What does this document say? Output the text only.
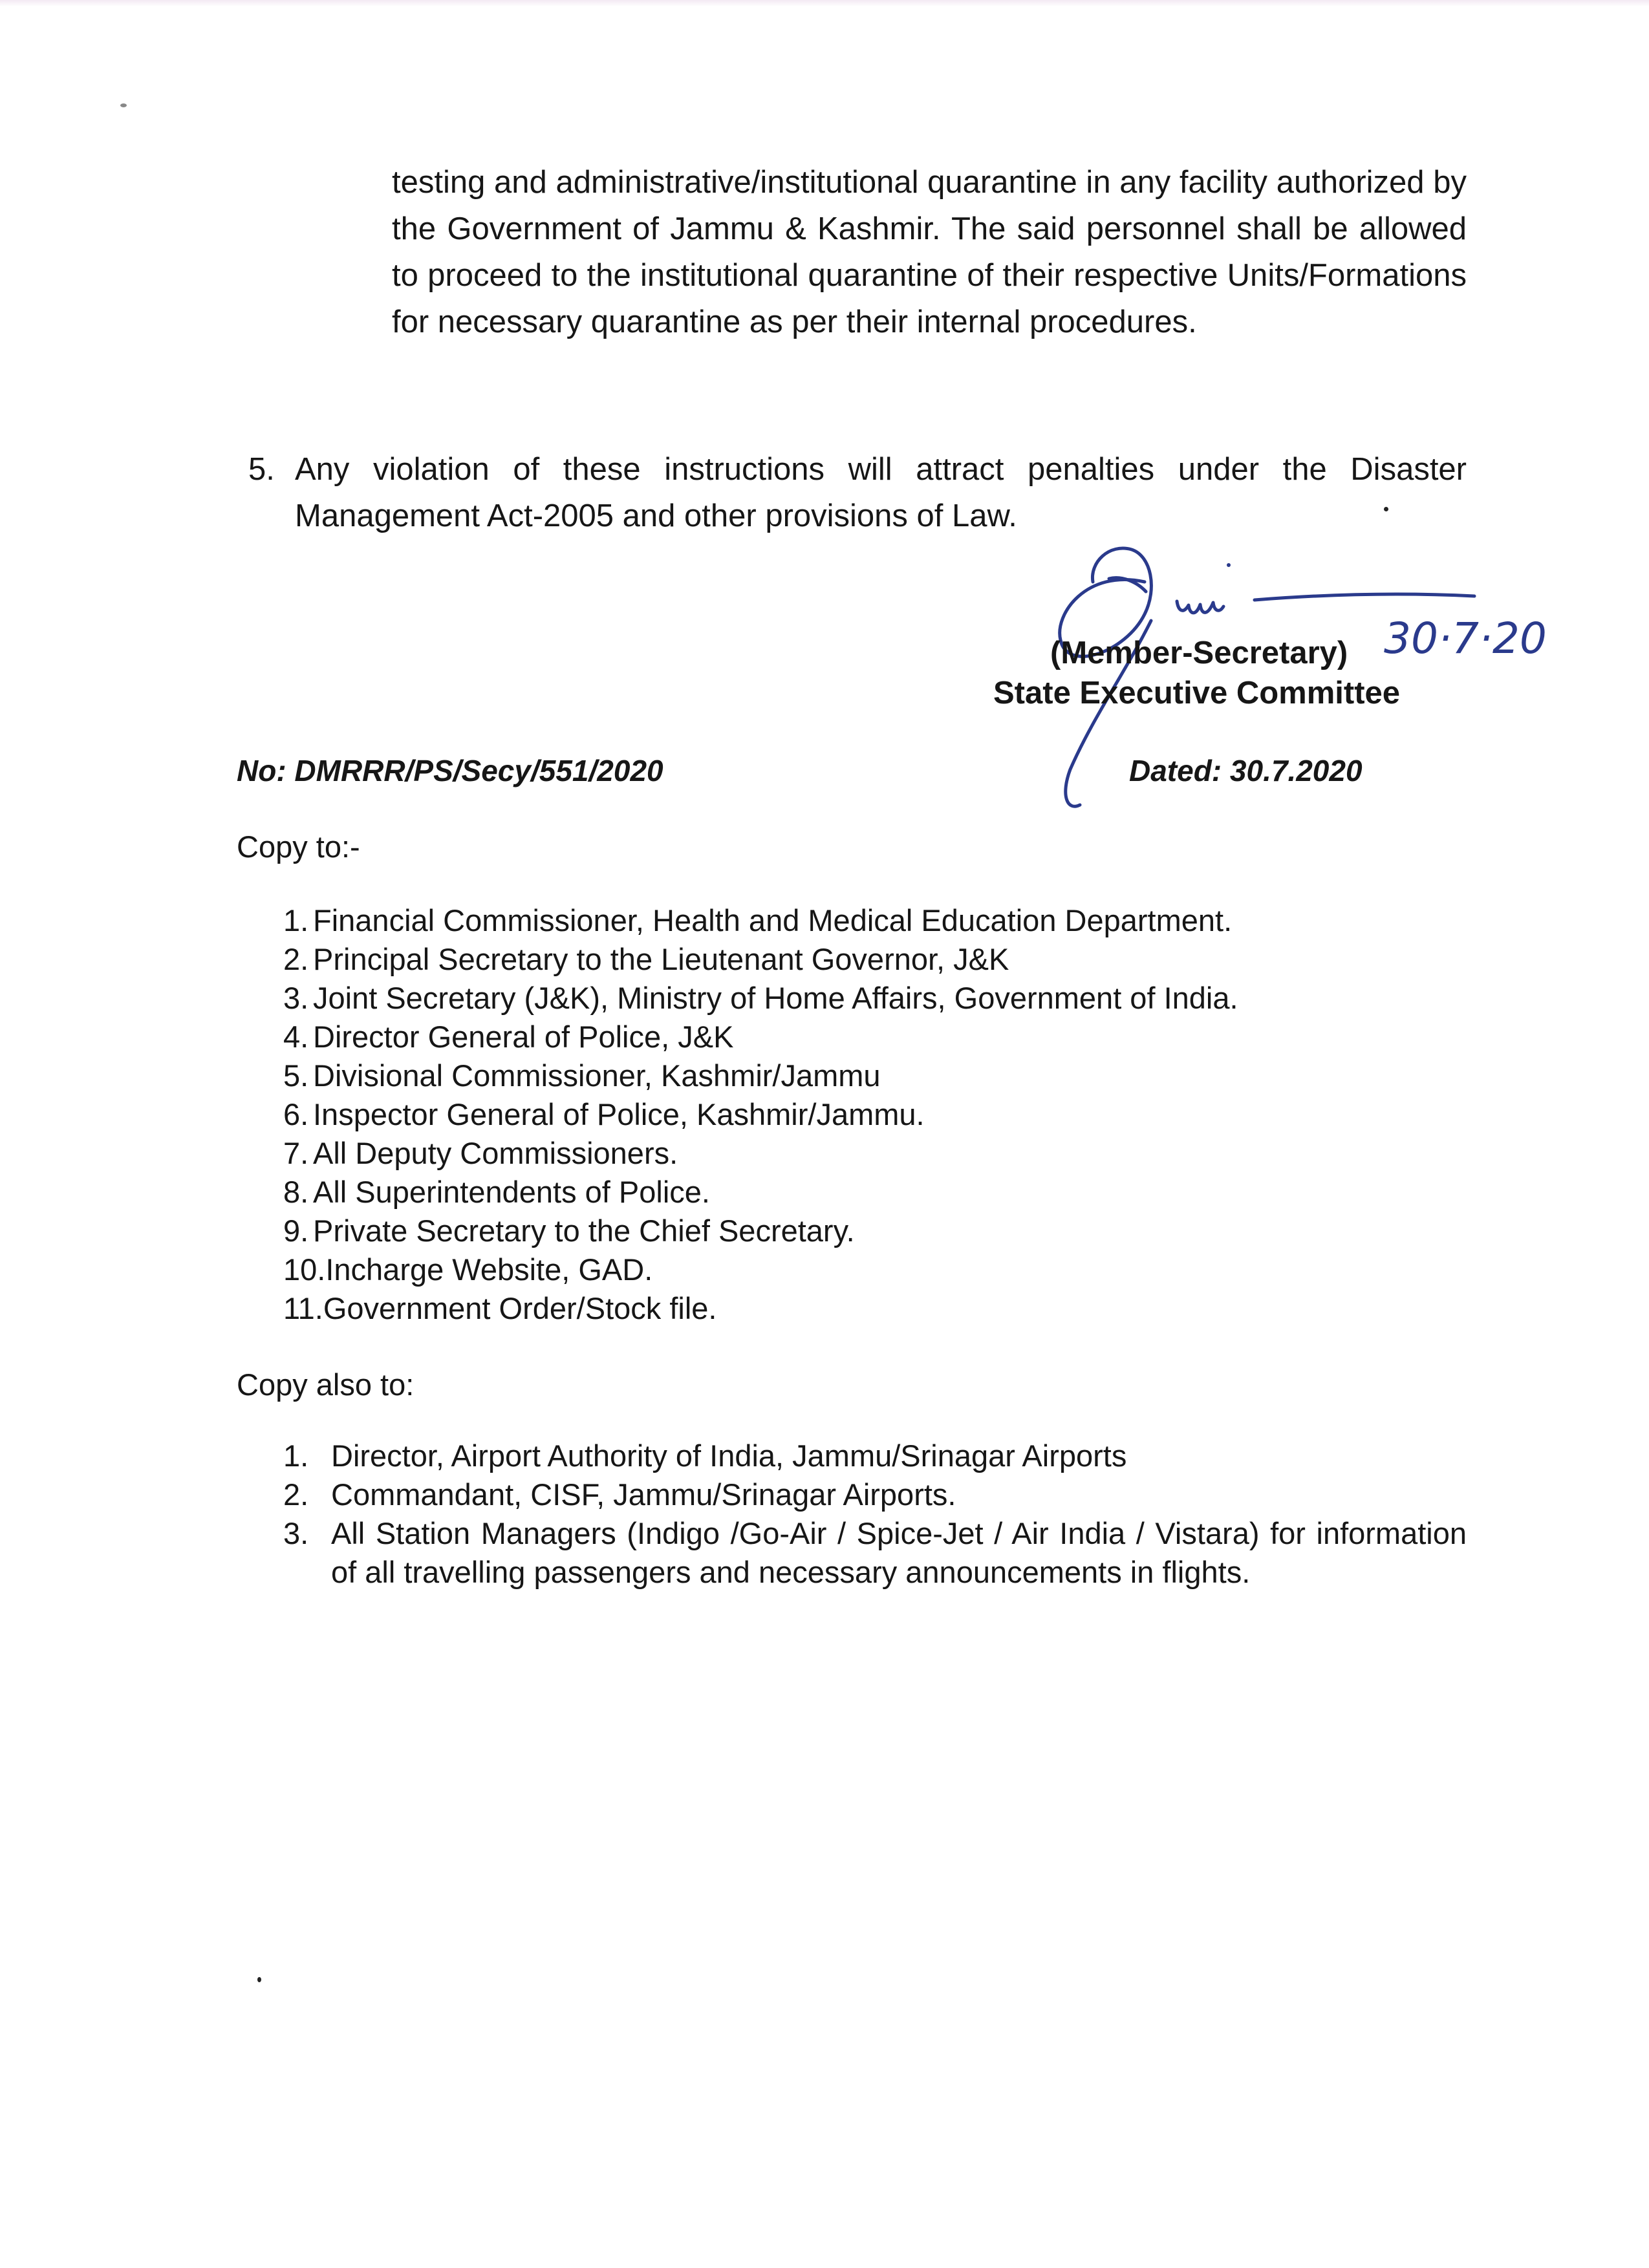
testing and administrative/institutional quarantine in any facility authorized by the Government of Jammu & Kashmir. The said personnel shall be allowed to proceed to the institutional quarantine of their respective Units/Formations for necessary quarantine as per their internal procedures.

5. Any violation of these instructions will attract penalties under the Disaster Management Act-2005 and other provisions of Law.
30·7·20
(Member-Secretary)
State Executive Committee
No: DMRRR/PS/Secy/551/2020	Dated: 30.7.2020
Copy to:-
1. Financial Commissioner, Health and Medical Education Department.
2. Principal Secretary to the Lieutenant Governor, J&K
3. Joint Secretary (J&K), Ministry of Home Affairs, Government of India.
4. Director General of Police, J&K
5. Divisional Commissioner, Kashmir/Jammu
6. Inspector General of Police, Kashmir/Jammu.
7. All Deputy Commissioners.
8. All Superintendents of Police.
9. Private Secretary to the Chief Secretary.
10.Incharge Website, GAD.
11.Government Order/Stock file.
Copy also to:
1. Director, Airport Authority of India, Jammu/Srinagar Airports
2. Commandant, CISF, Jammu/Srinagar Airports.
3. All Station Managers (Indigo /Go-Air / Spice-Jet / Air India / Vistara) for information of all travelling passengers and necessary announcements in flights.
